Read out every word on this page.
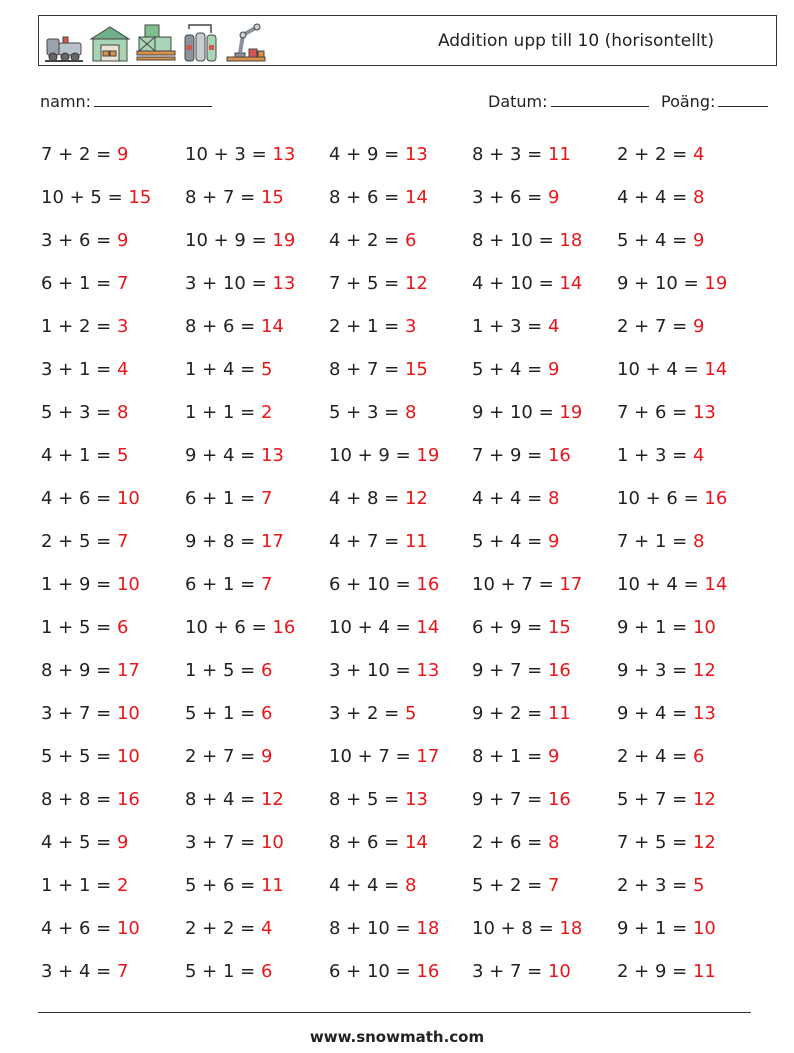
Addition upp till 10 (horisontellt)
namn:	Datum:	Poäng:
7 + 2 = 9	10 + 3 = 13 4 + 9 = 13 8 + 3 = 11	2 + 2 = 4
10 + 5 = 15 8 + 7 = 15	8 + 6 = 14 3 + 6 = 9	4 + 4 = 8
3 + 6 = 9	10 + 9 = 19 4 + 2 = 6	8 + 10 = 18 5 + 4 = 9
6 + 1 = 7	3 + 10 = 13 7 + 5 = 12 4 + 10 = 14 9 + 10 = 19
1 + 2 = 3	8 + 6 = 14	2 + 1 = 3	1 + 3 = 4	2 + 7 = 9
3 + 1 = 4	1 + 4 = 5	8 + 7 = 15 5 + 4 = 9	10 + 4 = 14
5 + 3 = 8	1 + 1 = 2	5 + 3 = 8	9 + 10 = 19 7 + 6 = 13
4 + 1 = 5	9 + 4 = 13	10 + 9 = 19 7 + 9 = 16	1 + 3 = 4
4 + 6 = 10	6 + 1 = 7	4 + 8 = 12 4 + 4 = 8	10 + 6 = 16
2 + 5 = 7	9 + 8 = 17	4 + 7 = 11 5 + 4 = 9	7 + 1 = 8
1 + 9 = 10	6 + 1 = 7	6 + 10 = 16 10 + 7 = 17 10 + 4 = 14
1 + 5 = 6	10 + 6 = 16 10 + 4 = 14 6 + 9 = 15	9 + 1 = 10
8 + 9 = 17	1 + 5 = 6	3 + 10 = 13 9 + 7 = 16	9 + 3 = 12
3 + 7 = 10	5 + 1 = 6	3 + 2 = 5	9 + 2 = 11	9 + 4 = 13
5 + 5 = 10	2 + 7 = 9	10 + 7 = 17 8 + 1 = 9	2 + 4 = 6
8 + 8 = 16	8 + 4 = 12	8 + 5 = 13 9 + 7 = 16	5 + 7 = 12
4 + 5 = 9	3 + 7 = 10	8 + 6 = 14 2 + 6 = 8	7 + 5 = 12
1 + 1 = 2	5 + 6 = 11	4 + 4 = 8	5 + 2 = 7	2 + 3 = 5
4 + 6 = 10	2 + 2 = 4	8 + 10 = 18 10 + 8 = 18 9 + 1 = 10
3 + 4 = 7	5 + 1 = 6	6 + 10 = 16 3 + 7 = 10	2 + 9 = 11
www.snowmath.com
